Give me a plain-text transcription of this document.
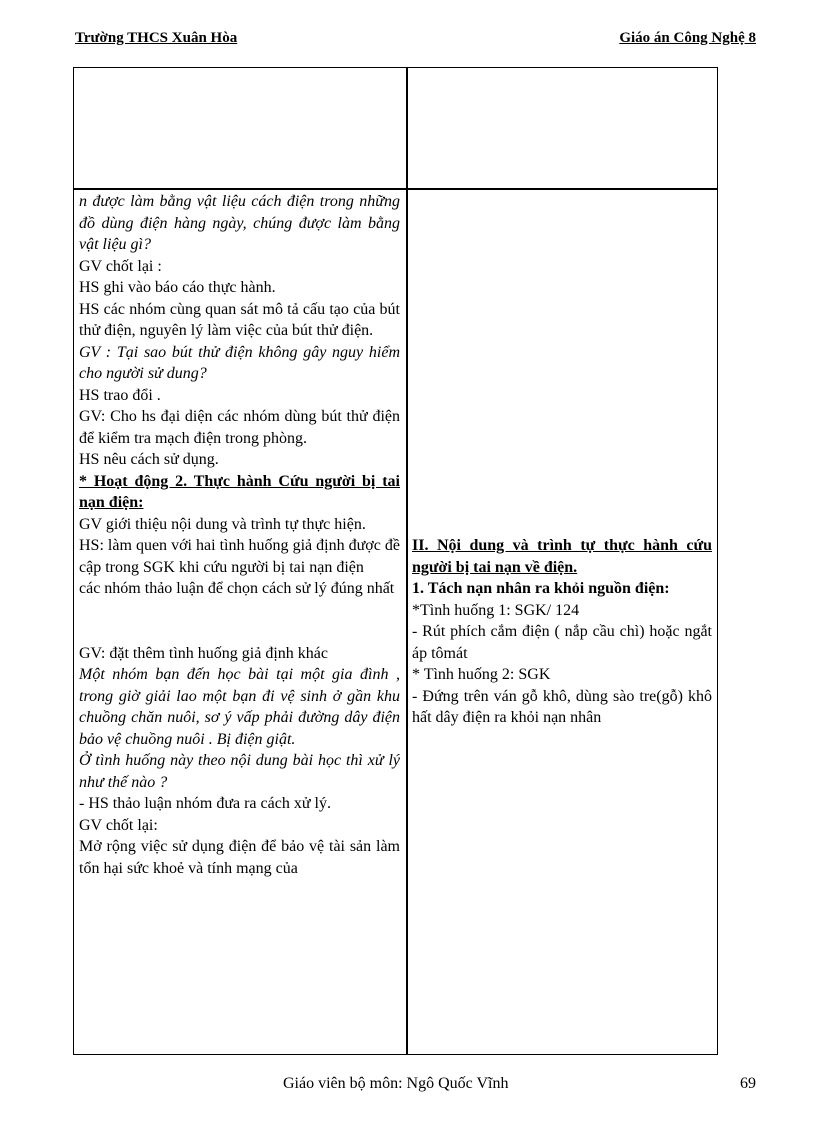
Trường THCS Xuân Hòa	Giáo án Công Nghệ 8

n được làm bằng vật liệu cách điện trong những đồ dùng điện hàng ngày, chúng được làm bằng vật liệu gì?

GV chốt lại :

HS ghi vào báo cáo thực hành.

HS các nhóm cùng quan sát mô tả cấu tạo của bút thử điện, nguyên lý làm việc của bút thử điện.

GV : Tại sao bút thử điện không gây nguy hiểm cho người sử dung?

HS trao đổi .

GV: Cho hs đại diện các nhóm dùng bút thử điện để kiểm tra mạch điện trong phòng.

HS nêu cách sử dụng.

* Hoạt động 2. Thực hành Cứu người bị tai nạn điện:

GV giới thiệu nội dung và trình tự thực hiện.

HS: làm quen với hai tình huống giả định được đề cập trong SGK khi cứu người bị tai nạn điện

các nhóm thảo luận để chọn cách sử lý đúng nhất

GV: đặt thêm tình huống giả định khác

Một nhóm bạn đến học bài tại một gia đình , trong giờ giải lao một bạn đi vệ sinh ở gần khu chuồng chăn nuôi, sơ ý vấp phải đường dây điện bảo vệ chuồng nuôi . Bị điện giật.

Ở tình huống này theo nội dung bài học thì xử lý như thế nào ?

- HS thảo luận nhóm đưa ra cách xử lý.

GV chốt lại:

Mở rộng việc sử dụng điện để bảo vệ tài sản làm tổn hại sức khoẻ và tính mạng của

II. Nội dung và trình tự thực hành cứu người bị tai nạn về điện.

1. Tách nạn nhân ra khỏi nguồn điện:

*Tình huống 1: SGK/ 124

- Rút phích cắm điện ( nắp cầu chì) hoặc ngắt áp tômát

* Tình huống 2: SGK

- Đứng trên ván gỗ khô, dùng sào tre(gỗ) khô hất dây điện ra khỏi nạn nhân

Giáo viên bộ môn: Ngô Quốc Vĩnh	69
